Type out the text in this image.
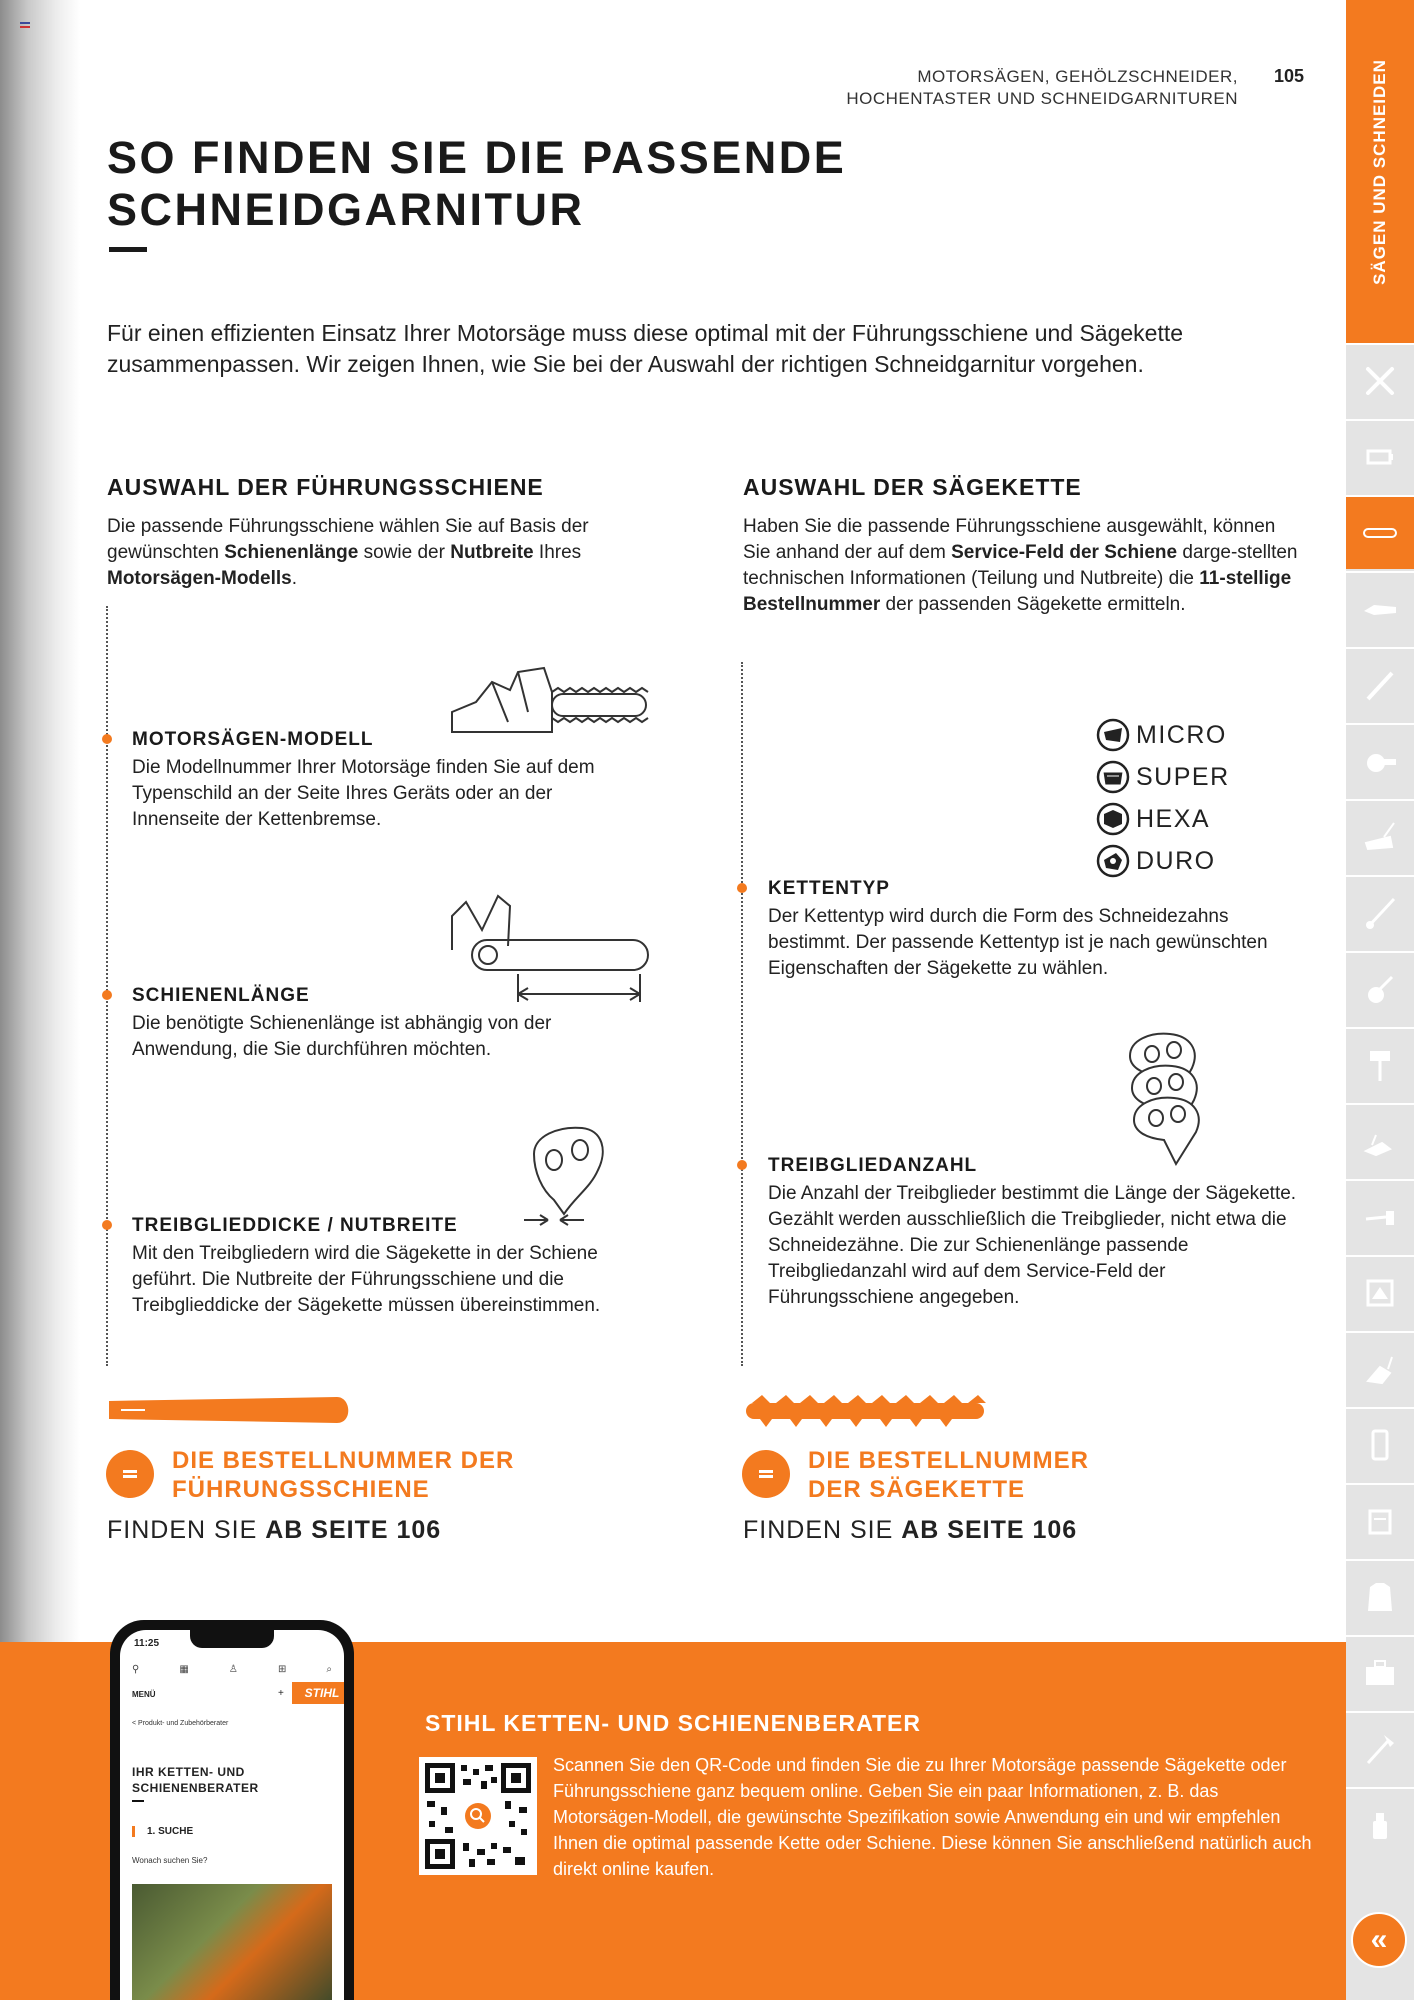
MOTORSÄGEN, GEHÖLZSCHNEIDER,
HOCHENTASTER UND SCHNEIDGARNITUREN
105
SO FINDEN SIE DIE PASSENDE
SCHNEIDGARNITUR

Für einen effizienten Einsatz Ihrer Motorsäge muss diese optimal mit der Führungsschiene und Sägekette zusammenpassen. Wir zeigen Ihnen, wie Sie bei der Auswahl der richtigen Schneidgarnitur vorgehen.

AUSWAHL DER FÜHRUNGSSCHIENE

Die passende Führungsschiene wählen Sie auf Basis der gewünschten Schienenlänge sowie der Nutbreite Ihres Motorsägen-Modells.

MOTORSÄGEN-MODELL
Die Modellnummer Ihrer Motorsäge finden Sie auf dem Typenschild an der Seite Ihres Geräts oder an der Innenseite der Kettenbremse.
SCHIENENLÄNGE
Die benötigte Schienenlänge ist abhängig von der Anwendung, die Sie durchführen möchten.
TREIBGLIEDDICKE / NUTBREITE
Mit den Treibgliedern wird die Sägekette in der Schiene geführt. Die Nutbreite der Führungsschiene und die Treibglieddicke der Sägekette müssen übereinstimmen.
AUSWAHL DER SÄGEKETTE

Haben Sie die passende Führungsschiene ausgewählt, können Sie anhand der auf dem Service-Feld der Schiene darge-stellten technischen Informationen (Teilung und Nutbreite) die 11-stellige Bestellnummer der passenden Sägekette ermitteln.

MICRO
SUPER
HEXA
DURO
KETTENTYP
Der Kettentyp wird durch die Form des Schneidezahns bestimmt. Der passende Kettentyp ist je nach gewünschten Eigenschaften der Sägekette zu wählen.
TREIBGLIEDANZAHL
Die Anzahl der Treibglieder bestimmt die Länge der Sägekette. Gezählt werden ausschließlich die Treibglieder, nicht etwa die Schneidezähne. Die zur Schienenlänge passende Treibgliedanzahl wird auf dem Service-Feld der Führungsschiene angegeben.
DIE BESTELLNUMMER DER
FÜHRUNGSSCHIENE
FINDEN SIE AB SEITE 106
DIE BESTELLNUMMER
DER SÄGEKETTE
FINDEN SIE AB SEITE 106
STIHL KETTEN- UND SCHIENENBERATER

Scannen Sie den QR-Code und finden Sie die zu Ihrer Motorsäge passende Sägekette oder Führungsschiene ganz bequem online. Geben Sie ein paar Informationen, z. B. das Motorsägen-Modell, die gewünschte Spezifikation sowie Anwendung ein und wir empfehlen Ihnen die optimal passende Kette oder Schiene. Diese können Sie anschließend natürlich auch direkt online kaufen.

11:25
⚲	▦	♙	⊞	⌕
MENÜ	+	STIHL
< Produkt- und Zubehörberater
IHR KETTEN- UND
SCHIENENBERATER
1. SUCHE
Wonach suchen Sie?
SÄGEN UND SCHNEIDEN
«
